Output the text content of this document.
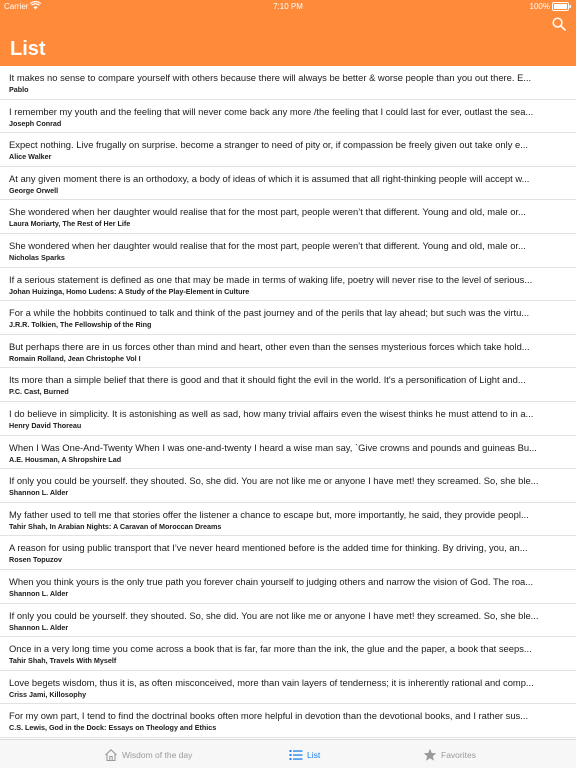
Carrier	7:10 PM	100%
List
It makes no sense to compare yourself with others because there will always be better & worse people than you out there. E...
Pablo
I remember my youth and the feeling that will never come back any more /the feeling that I could last for ever, outlast the sea...
Joseph Conrad
Expect nothing. Live frugally on surprise. become a stranger to need of pity or, if compassion be freely given out take only e...
Alice Walker
At any given moment there is an orthodoxy, a body of ideas of which it is assumed that all right-thinking people will accept w...
George Orwell
She wondered when her daughter would realise that for the most part, people weren’t that different. Young and old, male or...
Laura Moriarty, The Rest of Her Life
She wondered when her daughter would realise that for the most part, people weren’t that different. Young and old, male or...
Nicholas Sparks
If a serious statement is defined as one that may be made in terms of waking life, poetry will never rise to the level of serious...
Johan Huizinga, Homo Ludens: A Study of the Play-Element in Culture
For a while the hobbits continued to talk and think of the past journey and of the perils that lay ahead; but such was the virtu...
J.R.R. Tolkien, The Fellowship of the Ring
But perhaps there are in us forces other than mind and heart, other even than the senses mysterious forces which take hold...
Romain Rolland, Jean Christophe Vol I
Its more than a simple belief that there is good and that it should fight the evil in the world. It's a personification of Light and...
P.C. Cast, Burned
I do believe in simplicity. It is astonishing as well as sad, how many trivial affairs even the wisest thinks he must attend to in a...
Henry David Thoreau
When I Was One-And-Twenty When I was one-and-twenty I heard a wise man say, `Give crowns and pounds and guineas Bu...
A.E. Housman, A Shropshire Lad
If only you could be yourself. they shouted. So, she did. You are not like me or anyone I have met! they screamed. So, she ble...
Shannon L. Alder
My father used to tell me that stories offer the listener a chance to escape but, more importantly, he said, they provide peopl...
Tahir Shah, In Arabian Nights: A Caravan of Moroccan Dreams
A reason for using public transport that I’ve never heard mentioned before is the added time for thinking. By driving, you, an...
Rosen Topuzov
When you think yours is the only true path you forever chain yourself to judging others and narrow the vision of God. The roa...
Shannon L. Alder
If only you could be yourself. they shouted. So, she did. You are not like me or anyone I have met! they screamed. So, she ble...
Shannon L. Alder
Once in a very long time you come across a book that is far, far more than the ink, the glue and the paper, a book that seeps...
Tahir Shah, Travels With Myself
Love begets wisdom, thus it is, as often misconceived, more than vain layers of tenderness; it is inherently rational and comp...
Criss Jami, Killosophy
For my own part, I tend to find the doctrinal books often more helpful in devotion than the devotional books, and I rather sus...
C.S. Lewis, God in the Dock: Essays on Theology and Ethics
Wisdom of the day	List	Favorites
